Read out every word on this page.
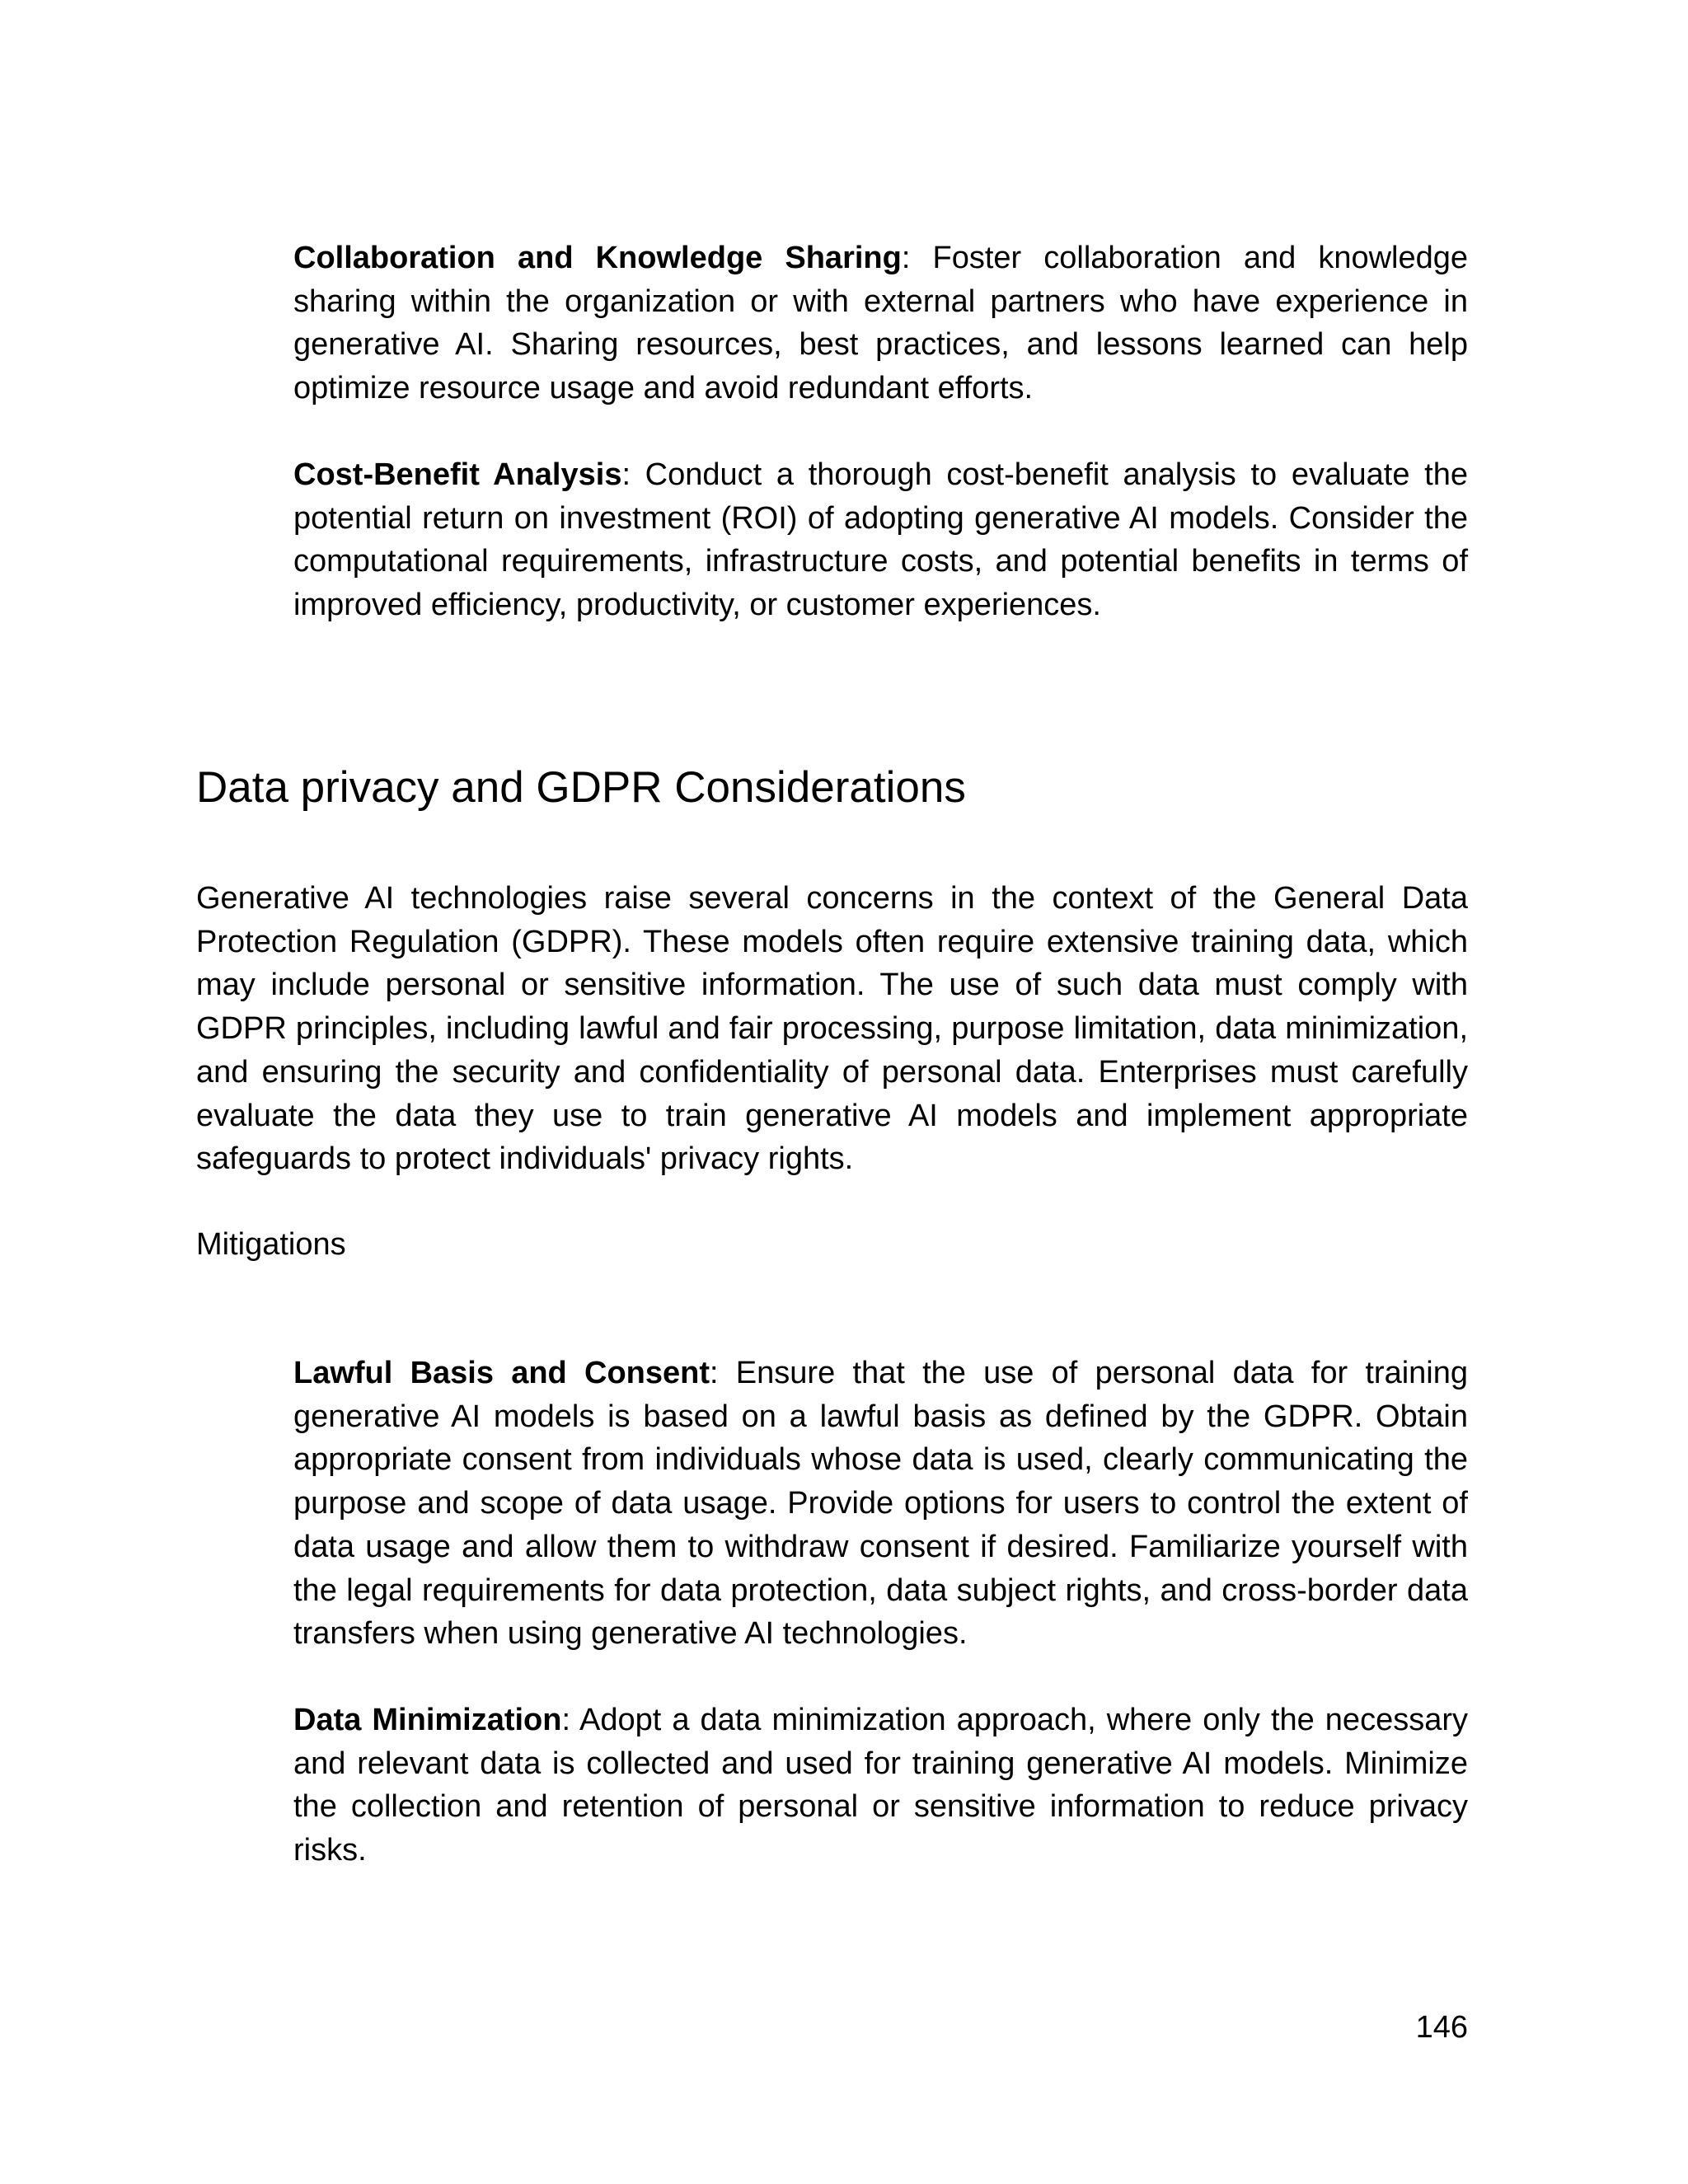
Collaboration and Knowledge Sharing: Foster collaboration and knowledge sharing within the organization or with external partners who have experience in generative AI. Sharing resources, best practices, and lessons learned can help optimize resource usage and avoid redundant efforts.

Cost-Benefit Analysis: Conduct a thorough cost-benefit analysis to evaluate the potential return on investment (ROI) of adopting generative AI models. Consider the computational requirements, infrastructure costs, and potential benefits in terms of improved efficiency, productivity, or customer experiences.

Data privacy and GDPR Considerations

Generative AI technologies raise several concerns in the context of the General Data Protection Regulation (GDPR). These models often require extensive training data, which may include personal or sensitive information. The use of such data must comply with GDPR principles, including lawful and fair processing, purpose limitation, data minimization, and ensuring the security and confidentiality of personal data. Enterprises must carefully evaluate the data they use to train generative AI models and implement appropriate safeguards to protect individuals' privacy rights.

Mitigations

Lawful Basis and Consent: Ensure that the use of personal data for training generative AI models is based on a lawful basis as defined by the GDPR. Obtain appropriate consent from individuals whose data is used, clearly communicating the purpose and scope of data usage. Provide options for users to control the extent of data usage and allow them to withdraw consent if desired. Familiarize yourself with the legal requirements for data protection, data subject rights, and cross-border data transfers when using generative AI technologies.

Data Minimization: Adopt a data minimization approach, where only the necessary and relevant data is collected and used for training generative AI models. Minimize the collection and retention of personal or sensitive information to reduce privacy risks.

146
